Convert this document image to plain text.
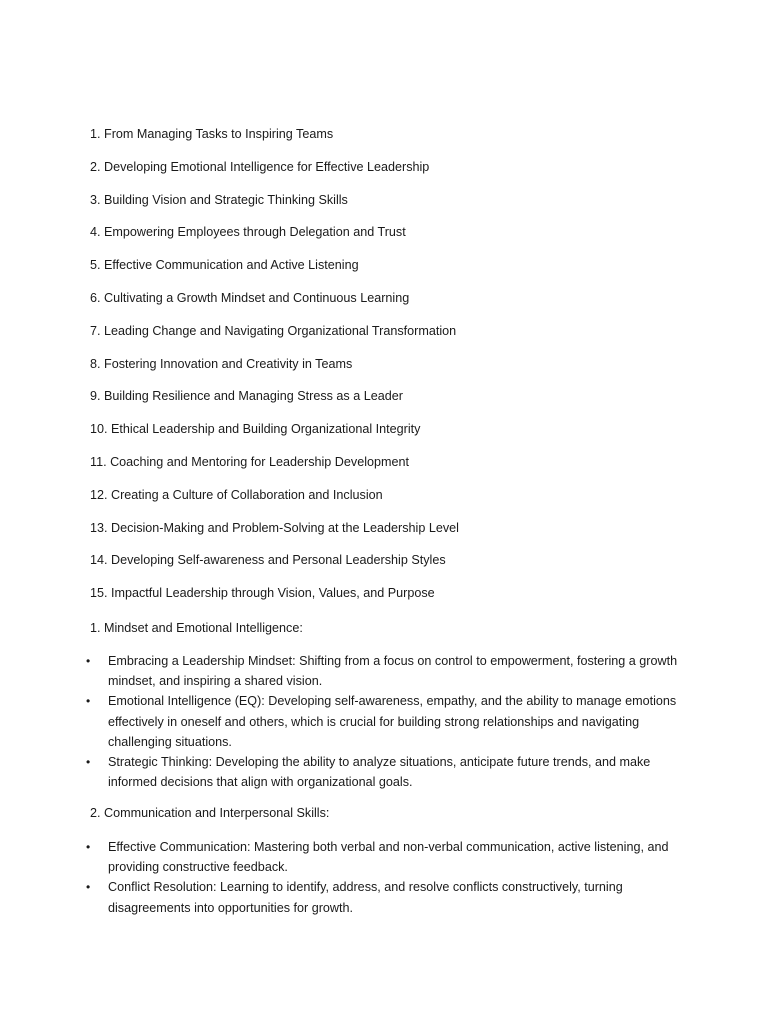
1. From Managing Tasks to Inspiring Teams
2. Developing Emotional Intelligence for Effective Leadership
3. Building Vision and Strategic Thinking Skills
4. Empowering Employees through Delegation and Trust
5. Effective Communication and Active Listening
6. Cultivating a Growth Mindset and Continuous Learning
7. Leading Change and Navigating Organizational Transformation
8. Fostering Innovation and Creativity in Teams
9. Building Resilience and Managing Stress as a Leader
10. Ethical Leadership and Building Organizational Integrity
11. Coaching and Mentoring for Leadership Development
12. Creating a Culture of Collaboration and Inclusion
13. Decision-Making and Problem-Solving at the Leadership Level
14. Developing Self-awareness and Personal Leadership Styles
15. Impactful Leadership through Vision, Values, and Purpose
1. Mindset and Emotional Intelligence:
• Embracing a Leadership Mindset: Shifting from a focus on control to empowerment, fostering a growth mindset, and inspiring a shared vision.
• Emotional Intelligence (EQ): Developing self-awareness, empathy, and the ability to manage emotions effectively in oneself and others, which is crucial for building strong relationships and navigating challenging situations.
• Strategic Thinking: Developing the ability to analyze situations, anticipate future trends, and make informed decisions that align with organizational goals.
2. Communication and Interpersonal Skills:
• Effective Communication: Mastering both verbal and non-verbal communication, active listening, and providing constructive feedback.
• Conflict Resolution: Learning to identify, address, and resolve conflicts constructively, turning disagreements into opportunities for growth.
